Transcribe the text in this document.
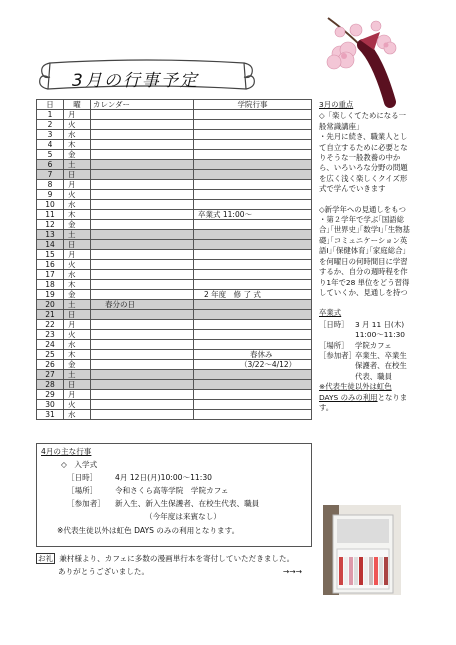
3月の行事予定
日	曜	カレンダー	学院行事
1	月		
2	火		
3	水		
4	木		
5	金		
6	土		
7	日		
8	月		
9	火		
10	水		
11	木		卒業式 11:00～
12	金		
13	土		
14	日		
15	月		
16	火		
17	水		
18	木		
19	金		2 年度　修 了 式
20	土	春分の日	
21	日		
22	月		
23	火		
24	水		
25	木		春休み
26	金		（3/22～4/12）
27	土		
28	日		
29	月		
30	火		
31	水		
3月の重点

◇「楽しくてためになる一般常識講座」

・先月に続き、職業人として自立するために必要となりそうな一般教養の中から、いろいろな分野の問題を広く浅く楽しくクイズ形式で学んでいきます

◇新学年への見通しをもつ

・第２学年で学ぶ｢国語総合｣｢世界史｣｢数学Ⅰ｣｢生物基礎｣｢コミュニケーション英語Ⅰ｣｢保健体育｣｢家庭総合｣を何曜日の何時間目に学習するか、自分の週時程を作り1年で28 単位をどう習得していくか、見通しを持つ

卒業式
［日時］ 3 月 11 日(木)
11:00～11:30
［場所］ 学院カフェ
［参加者］ 卒業生、卒業生保護者、在校生代表、職員

※代表生徒以外は虹色 DAYS のみの利用となります。

4月の主な行事
◇　入学式
［日時］ 4月 12日(月)10:00～11:30
［場所］ 令和さくら高等学院　学院カフェ
［参加者］ 新入生、新入生保護者、在校生代表、職員
（今年度は来賓なし）
※代表生徒以外は虹色 DAYS のみの利用となります。
お礼 兼村様より、カフェに多数の漫画単行本を寄付していただきました。
ありがとうございました。	→→→
